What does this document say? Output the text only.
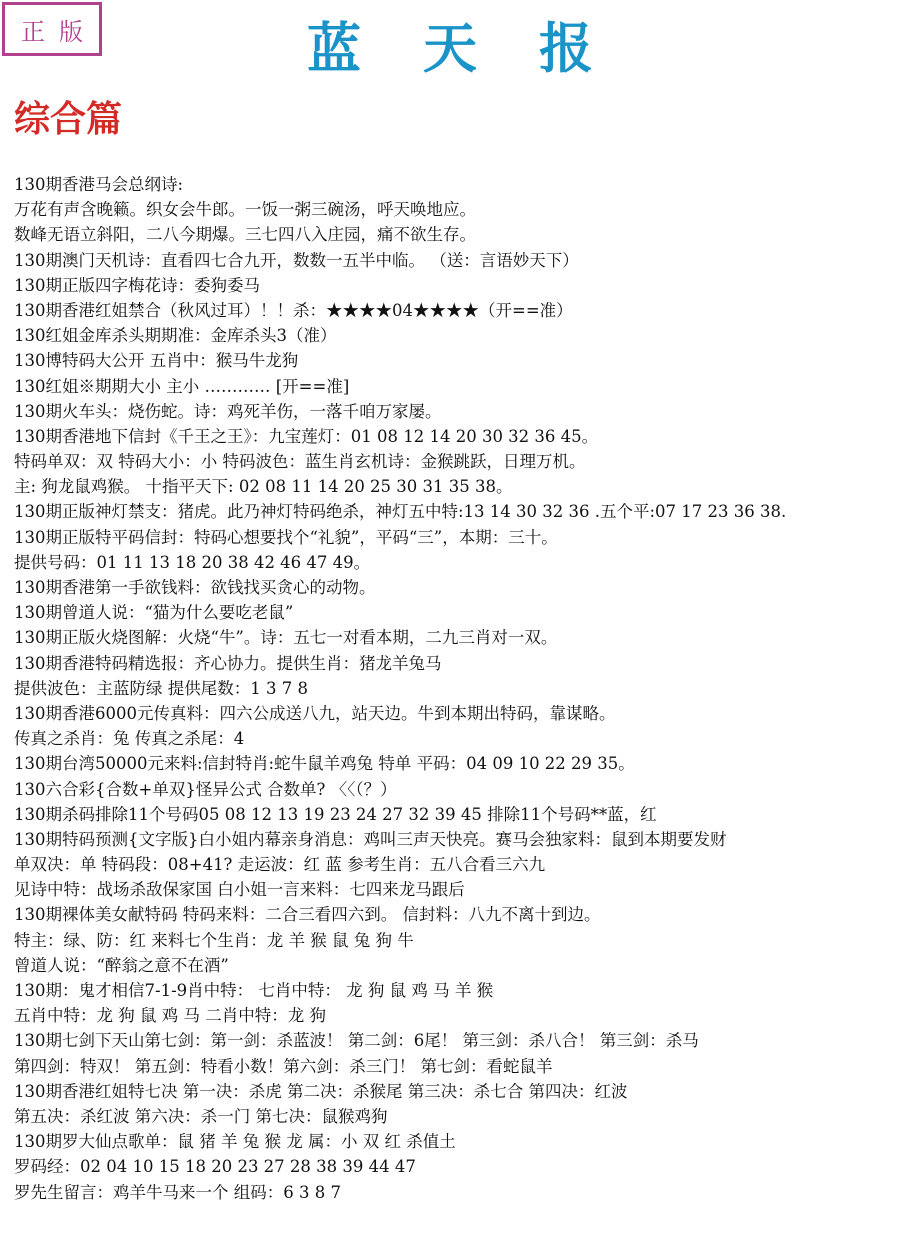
正版	蓝天报
综合篇
130期香港马会总纲诗:
万花有声含晚籁。织女会牛郎。一饭一粥三碗汤，呼天唤地应。
数峰无语立斜阳，二八今期爆。三七四八入庄园，痛不欲生存。
130期澳门天机诗：直看四七合九开，数数一五半中临。 （送：言语妙天下）
130期正版四字梅花诗：委狗委马
130期香港红姐禁合（秋风过耳）！！杀：★★★★04★★★★（开==准）
130红姐金库杀头期期准：金库杀头3（准）
130博特码大公开 五肖中：猴马牛龙狗
130红姐※期期大小 主小 ………… [开==准]
130期火车头：烧伤蛇。诗：鸡死羊伤，一落千咱万家屡。
130期香港地下信封《千王之王》：九宝莲灯：01 08 12 14 20 30 32 36 45。
特码单双：双 特码大小：小 特码波色：蓝生肖玄机诗：金猴跳跃，日理万机。
主: 狗龙鼠鸡猴。 十指平天下: 02 08 11 14 20 25 30 31 35 38。
130期正版神灯禁支：猪虎。此乃神灯特码绝杀，神灯五中特:13 14 30 32 36 .五个平:07 17 23 36 38.
130期正版特平码信封：特码心想要找个“礼貌”，平码“三”，本期：三十。
提供号码：01 11 13 18 20 38 42 46 47 49。
130期香港第一手欲钱料：欲钱找买贪心的动物。
130期曾道人说：“猫为什么要吃老鼠”
130期正版火烧图解：火烧“牛”。诗：五七一对看本期，二九三肖对一双。
130期香港特码精选报：齐心协力。提供生肖：猪龙羊兔马
提供波色：主蓝防绿 提供尾数：1 3 7 8
130期香港6000元传真料：四六公成送八九，站天边。牛到本期出特码，靠谋略。
传真之杀肖：兔 传真之杀尾：4
130期台湾50000元来料:信封特肖:蛇牛鼠羊鸡兔 特单 平码：04 09 10 22 29 35。
130六合彩{合数+单双}怪异公式 合数单? 〈〈（？）
130期杀码排除11个号码05 08 12 13 19 23 24 27 32 39 45 排除11个号码**蓝，红
130期特码预测{文字版}白小姐内幕亲身消息：鸡叫三声天快亮。赛马会独家料：鼠到本期要发财
单双决：单 特码段：08+41? 走运波：红 蓝 参考生肖：五八合看三六九
见诗中特：战场杀敌保家国 白小姐一言来料：七四来龙马跟后
130期裸体美女献特码 特码来料：二合三看四六到。 信封料：八九不离十到边。
特主：绿、防：红 来料七个生肖：龙 羊 猴 鼠 兔 狗 牛
曾道人说：“醉翁之意不在酒”
130期：鬼才相信7-1-9肖中特： 七肖中特： 龙 狗 鼠 鸡 马 羊 猴
五肖中特：龙 狗 鼠 鸡 马 二肖中特：龙 狗
130期七剑下天山第七剑：第一剑：杀蓝波！ 第二剑：6尾！ 第三剑：杀八合！ 第三剑：杀马
第四剑：特双！ 第五剑：特看小数！第六剑：杀三门！ 第七剑：看蛇鼠羊
130期香港红姐特七决 第一决：杀虎 第二决：杀猴尾 第三决：杀七合 第四决：红波
第五决：杀红波 第六决：杀一门 第七决：鼠猴鸡狗
130期罗大仙点歌单：鼠 猪 羊 兔 猴 龙 属：小 双 红 杀值土
罗码经：02 04 10 15 18 20 23 27 28 38 39 44 47
罗先生留言：鸡羊牛马来一个 组码：6 3 8 7
